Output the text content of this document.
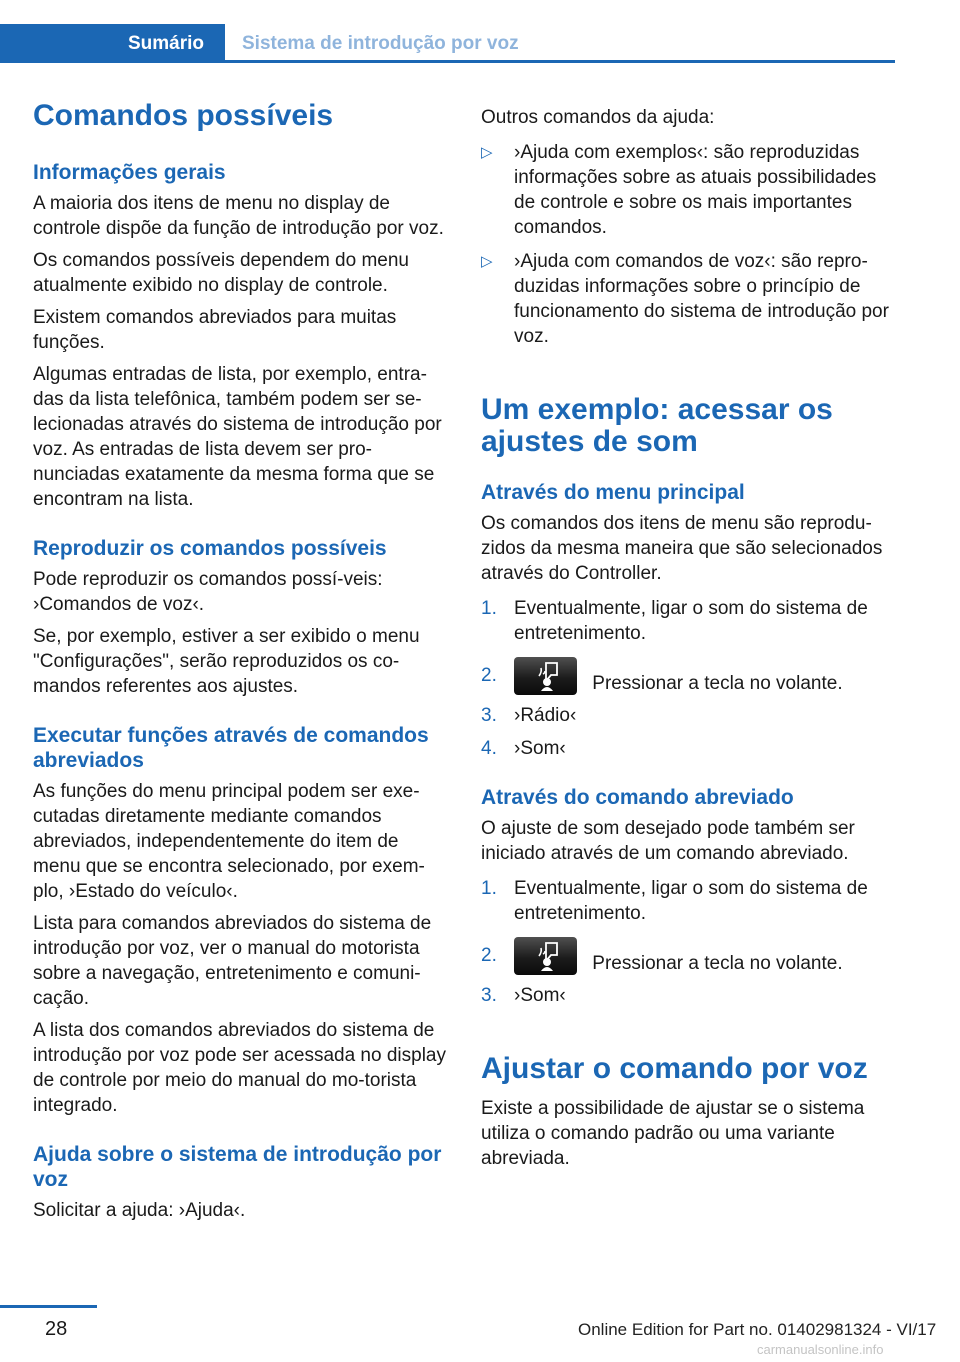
Sumário	Sistema de introdução por voz
Comandos possíveis
Informações gerais
A maioria dos itens de menu no display de controle dispõe da função de introdução por voz.
Os comandos possíveis dependem do menu atualmente exibido no display de controle.
Existem comandos abreviados para muitas funções.
Algumas entradas de lista, por exemplo, entra-das da lista telefônica, também podem ser se-lecionadas através do sistema de introdução por voz. As entradas de lista devem ser pro-nunciadas exatamente da mesma forma que se encontram na lista.
Reproduzir os comandos possíveis
Pode reproduzir os comandos possí-veis: ›Comandos de voz‹.
Se, por exemplo, estiver a ser exibido o menu "Configurações", serão reproduzidos os co-mandos referentes aos ajustes.
Executar funções através de comandos abreviados
As funções do menu principal podem ser exe-cutadas diretamente mediante comandos abreviados, independentemente do item de menu que se encontra selecionado, por exem-plo, ›Estado do veículo‹.
Lista para comandos abreviados do sistema de introdução por voz, ver o manual do motorista sobre a navegação, entretenimento e comuni-cação.
A lista dos comandos abreviados do sistema de introdução por voz pode ser acessada no display de controle por meio do manual do mo-torista integrado.
Ajuda sobre o sistema de introdução por voz
Solicitar a ajuda: ›Ajuda‹.
Outros comandos da ajuda:
▷ ›Ajuda com exemplos‹: são reproduzidas informações sobre as atuais possibilidades de controle e sobre os mais importantes comandos.
▷ ›Ajuda com comandos de voz‹: são repro-duzidas informações sobre o princípio de funcionamento do sistema de introdução por voz.
Um exemplo: acessar os ajustes de som
Através do menu principal
Os comandos dos itens de menu são reprodu-zidos da mesma maneira que são selecionados através do Controller.
1. Eventualmente, ligar o som do sistema de entretenimento.
2.	Pressionar a tecla no volante.
3. ›Rádio‹
4. ›Som‹
Através do comando abreviado
O ajuste de som desejado pode também ser iniciado através de um comando abreviado.
1. Eventualmente, ligar o som do sistema de entretenimento.
2.	Pressionar a tecla no volante.
3. ›Som‹
Ajustar o comando por voz
Existe a possibilidade de ajustar se o sistema utiliza o comando padrão ou uma variante abreviada.
28	Online Edition for Part no. 01402981324 - VI/17
carmanualsonline.info
